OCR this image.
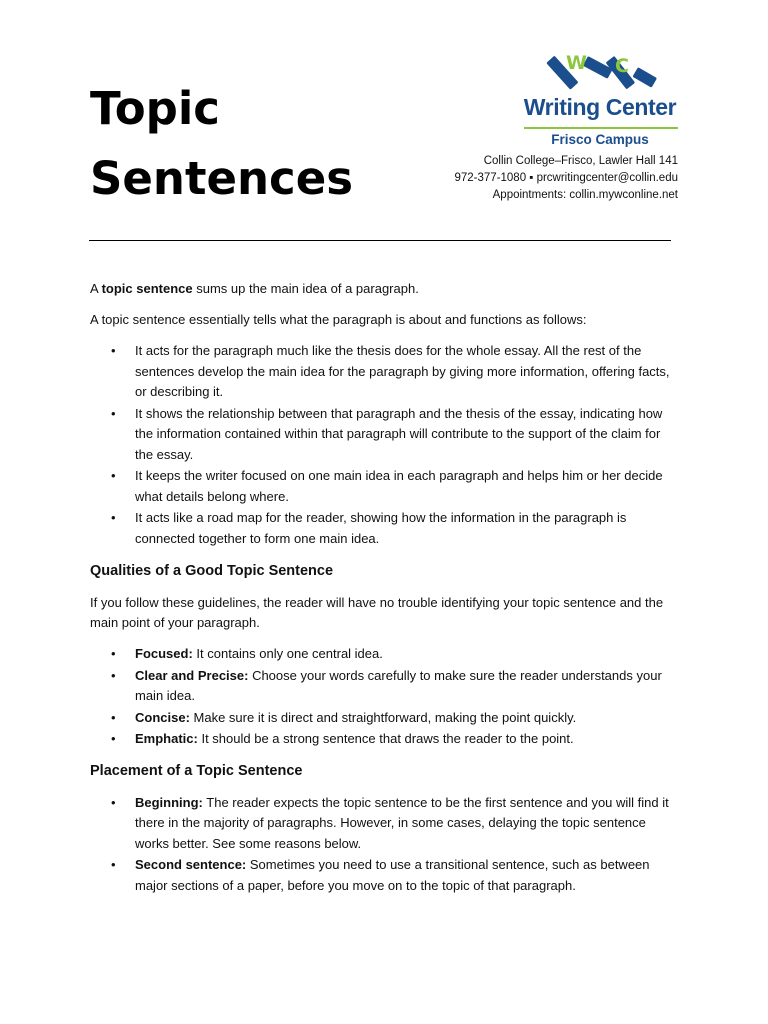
Topic
Sentences
W C
Writing Center
Frisco Campus
Collin College–Frisco, Lawler Hall 141
972-377-1080 ▪ prcwritingcenter@collin.edu
Appointments: collin.mywconline.net

A topic sentence sums up the main idea of a paragraph.

A topic sentence essentially tells what the paragraph is about and functions as follows:

• It acts for the paragraph much like the thesis does for the whole essay. All the rest of the sentences develop the main idea for the paragraph by giving more information, offering facts, or describing it.
• It shows the relationship between that paragraph and the thesis of the essay, indicating how the information contained within that paragraph will contribute to the support of the claim for the essay.
• It keeps the writer focused on one main idea in each paragraph and helps him or her decide what details belong where.
• It acts like a road map for the reader, showing how the information in the paragraph is connected together to form one main idea.
Qualities of a Good Topic Sentence

If you follow these guidelines, the reader will have no trouble identifying your topic sentence and the main point of your paragraph.

• Focused: It contains only one central idea.
• Clear and Precise: Choose your words carefully to make sure the reader understands your main idea.
• Concise: Make sure it is direct and straightforward, making the point quickly.
• Emphatic: It should be a strong sentence that draws the reader to the point.
Placement of a Topic Sentence
• Beginning: The reader expects the topic sentence to be the first sentence and you will find it there in the majority of paragraphs. However, in some cases, delaying the topic sentence works better. See some reasons below.
• Second sentence: Sometimes you need to use a transitional sentence, such as between major sections of a paper, before you move on to the topic of that paragraph.
